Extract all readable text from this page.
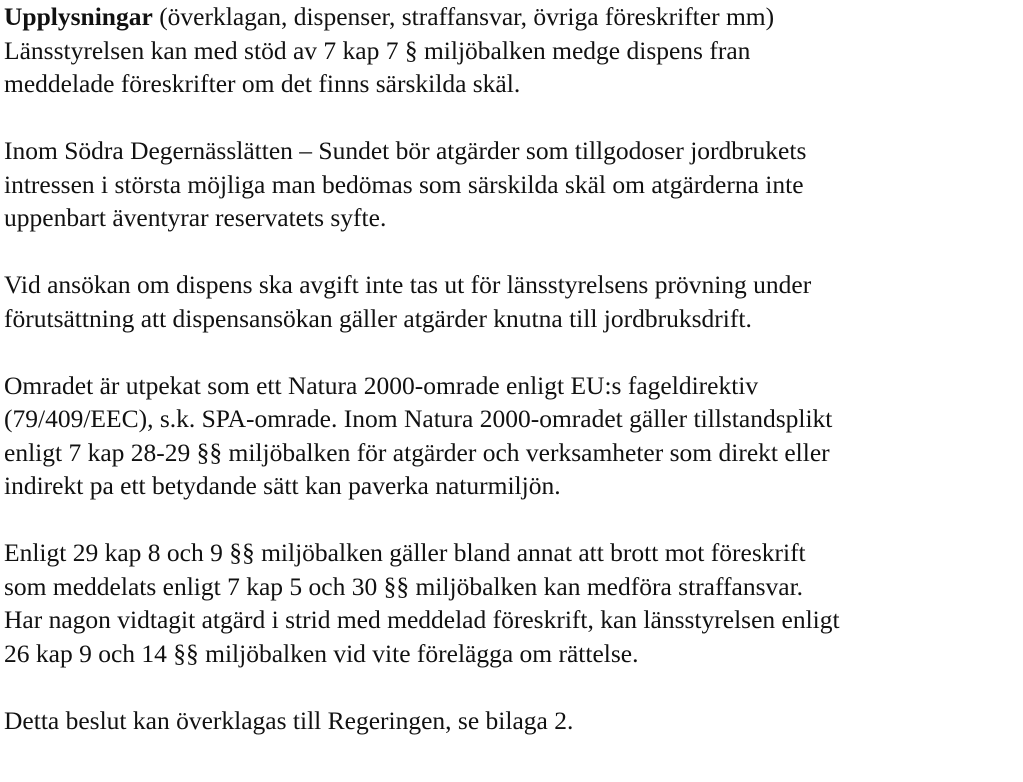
Upplysningar (överklagan, dispenser, straffansvar, övriga föreskrifter mm)
Länsstyrelsen kan med stöd av 7 kap 7 § miljöbalken medge dispens fran
meddelade föreskrifter om det finns särskilda skäl.

Inom Södra Degernässlätten – Sundet bör atgärder som tillgodoser jordbrukets
intressen i största möjliga man bedömas som särskilda skäl om atgärderna inte
uppenbart äventyrar reservatets syfte.

Vid ansökan om dispens ska avgift inte tas ut för länsstyrelsens prövning under
förutsättning att dispensansökan gäller atgärder knutna till jordbruksdrift.

Omradet är utpekat som ett Natura 2000-omrade enligt EU:s fageldirektiv
(79/409/EEC), s.k. SPA-omrade. Inom Natura 2000-omradet gäller tillstandsplikt
enligt 7 kap 28-29 §§ miljöbalken för atgärder och verksamheter som direkt eller
indirekt pa ett betydande sätt kan paverka naturmiljön.

Enligt 29 kap 8 och 9 §§ miljöbalken gäller bland annat att brott mot föreskrift
som meddelats enligt 7 kap 5 och 30 §§ miljöbalken kan medföra straffansvar.
Har nagon vidtagit atgärd i strid med meddelad föreskrift, kan länsstyrelsen enligt
26 kap 9 och 14 §§ miljöbalken vid vite förelägga om rättelse.

Detta beslut kan överklagas till Regeringen, se bilaga 2.
